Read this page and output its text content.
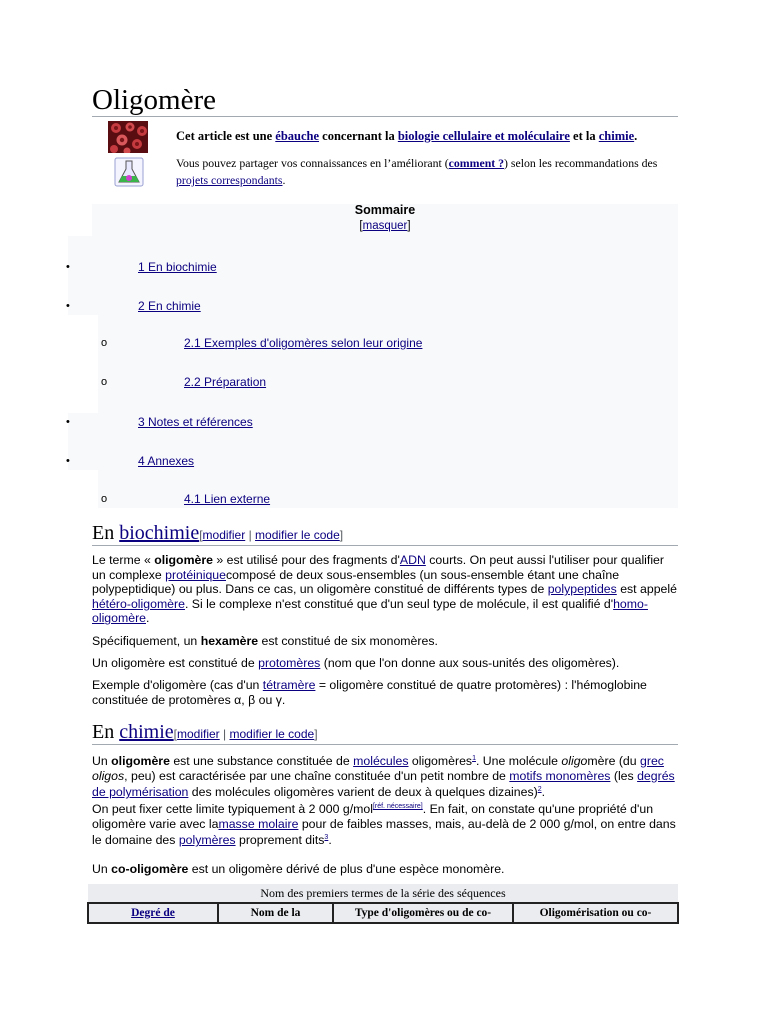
Oligomère
Cet article est une ébauche concernant la biologie cellulaire et moléculaire et la chimie.
Vous pouvez partager vos connaissances en l’améliorant (comment ?) selon les recommandations des projets correspondants.
Sommaire
[masquer]
•	1 En biochimie
•	2 En chimie
o	2.1 Exemples d'oligomères selon leur origine
o	2.2 Préparation
•	3 Notes et références
•	4 Annexes
o	4.1 Lien externe
En biochimie[modifier | modifier le code]
Le terme « oligomère » est utilisé pour des fragments d'ADN courts. On peut aussi l'utiliser pour qualifier un complexe protéiniquecomposé de deux sous-ensembles (un sous-ensemble étant une chaîne polypeptidique) ou plus. Dans ce cas, un oligomère constitué de différents types de polypeptides est appelé hétéro-oligomère. Si le complexe n'est constitué que d'un seul type de molécule, il est qualifié d'homo-oligomère.
Spécifiquement, un hexamère est constitué de six monomères.
Un oligomère est constitué de protomères (nom que l'on donne aux sous-unités des oligomères).
Exemple d'oligomère (cas d'un tétramère = oligomère constitué de quatre protomères) : l'hémoglobine constituée de protomères α, β ou γ.
En chimie[modifier | modifier le code]
Un oligomère est une substance constituée de molécules oligomères$^1$. Une molécule oligomère (du grec oligos, peu) est caractérisée par une chaîne constituée d'un petit nombre de motifs monomères (les degrés de polymérisation des molécules oligomères varient de deux à quelques dizaines)$^2$.
On peut fixer cette limite typiquement à 2 000 g/mol[réf. nécessaire]. En fait, on constate qu'une propriété d'un oligomère varie avec lamasse molaire pour de faibles masses, mais, au-delà de 2 000 g/mol, on entre dans le domaine des polymères proprement dits$^3$.
Un co-oligomère est un oligomère dérivé de plus d'une espèce monomère.
Nom des premiers termes de la série des séquences
Degré de	Nom de la	Type d'oligomères ou de co-	Oligomérisation ou co-
